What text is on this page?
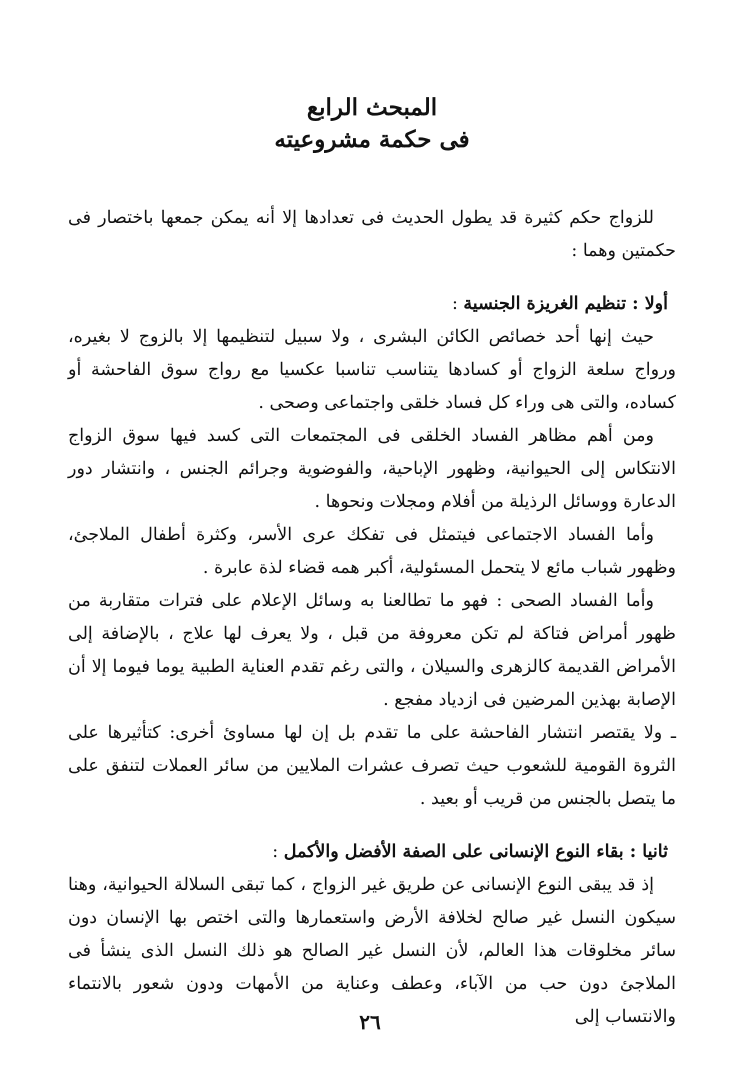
المبحث الرابع
فى حكمة مشروعيته

للزواج حكم كثيرة قد يطول الحديث فى تعدادها إلا أنه يمكن جمعها باختصار فى حكمتين وهما :

أولا : تنظيم الغريزة الجنسية :

حيث إنها أحد خصائص الكائن البشرى ، ولا سبيل لتنظيمها إلا بالزوج لا بغيره، ورواج سلعة الزواج أو كسادها يتناسب تناسبا عكسيا مع رواج سوق الفاحشة أو كساده، والتى هى وراء كل فساد خلقى واجتماعى وصحى .

ومن أهم مظاهر الفساد الخلقى فى المجتمعات التى كسد فيها سوق الزواج الانتكاس إلى الحيوانية، وظهور الإباحية، والفوضوية وجرائم الجنس ، وانتشار دور الدعارة ووسائل الرذيلة من أفلام ومجلات ونحوها .

وأما الفساد الاجتماعى فيتمثل فى تفكك عرى الأسر، وكثرة أطفال الملاجئ، وظهور شباب مائع لا يتحمل المسئولية، أكبر همه قضاء لذة عابرة .

وأما الفساد الصحى : فهو ما تطالعنا به وسائل الإعلام على فترات متقاربة من ظهور أمراض فتاكة لم تكن معروفة من قبل ، ولا يعرف لها علاج ، بالإضافة إلى الأمراض القديمة كالزهرى والسيلان ، والتى رغم تقدم العناية الطبية يوما فيوما إلا أن الإصابة بهذين المرضين فى ازدياد مفجع .

ـ ولا يقتصر انتشار الفاحشة على ما تقدم بل إن لها مساوئ أخرى: كتأثيرها على الثروة القومية للشعوب حيث تصرف عشرات الملايين من سائر العملات لتنفق على ما يتصل بالجنس من قريب أو بعيد .

ثانيا : بقاء النوع الإنسانى على الصفة الأفضل والأكمل :

إذ قد يبقى النوع الإنسانى عن طريق غير الزواج ، كما تبقى السلالة الحيوانية، وهنا سيكون النسل غير صالح لخلافة الأرض واستعمارها والتى اختص بها الإنسان دون سائر مخلوقات هذا العالم، لأن النسل غير الصالح هو ذلك النسل الذى ينشأ فى الملاجئ دون حب من الآباء، وعطف وعناية من الأمهات ودون شعور بالانتماء والانتساب إلى

٢٦
